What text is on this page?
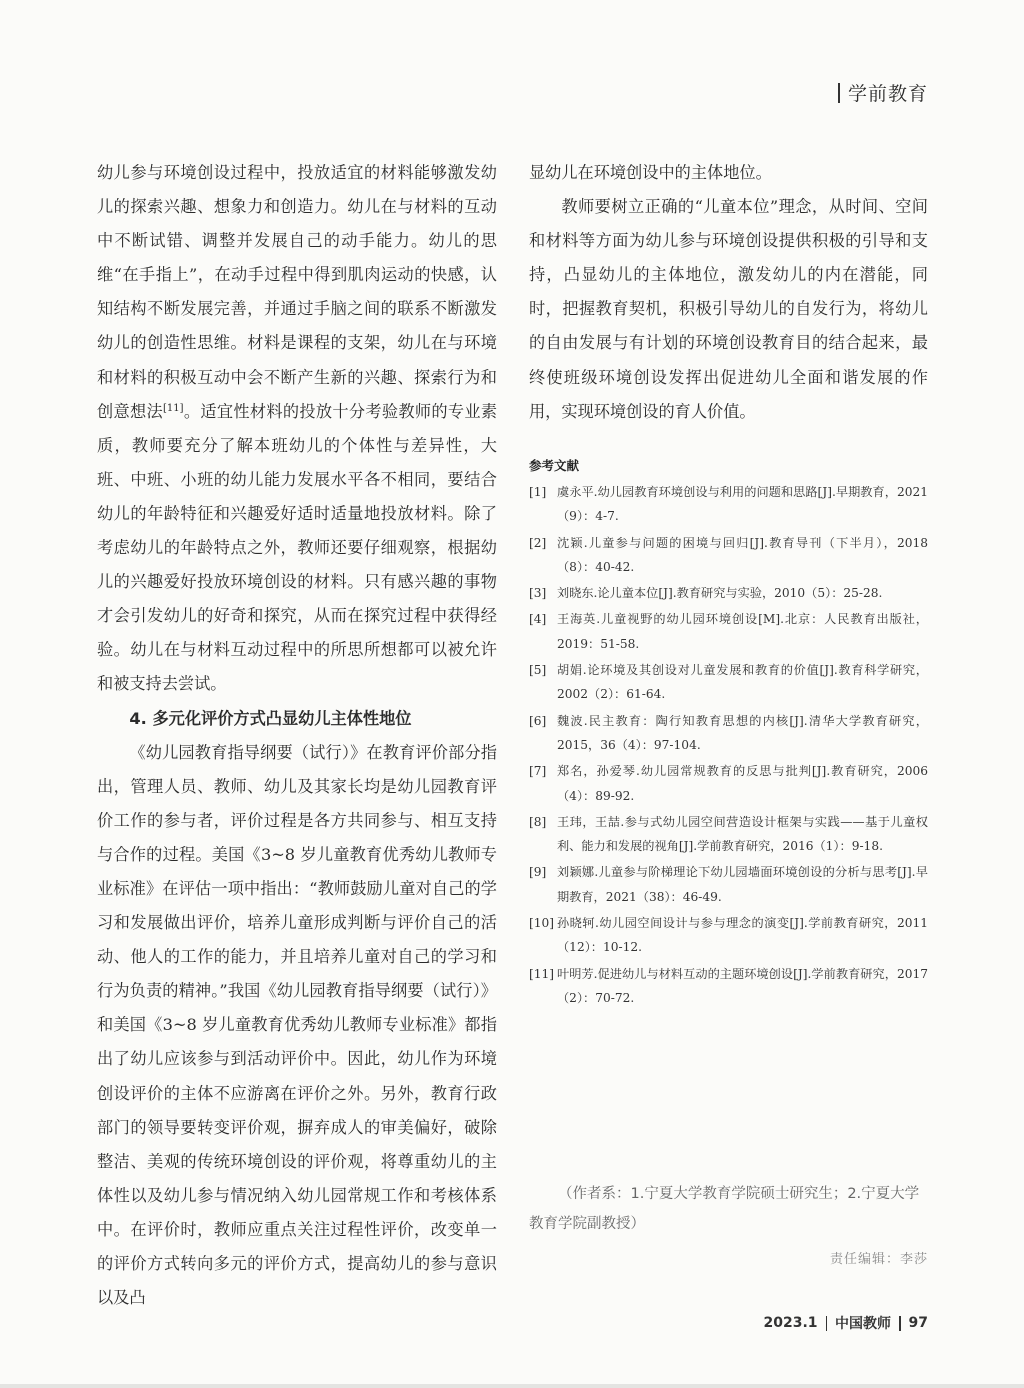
学前教育

幼儿参与环境创设过程中，投放适宜的材料能够激发幼儿的探索兴趣、想象力和创造力。幼儿在与材料的互动中不断试错、调整并发展自己的动手能力。幼儿的思维“在手指上”，在动手过程中得到肌肉运动的快感，认知结构不断发展完善，并通过手脑之间的联系不断激发幼儿的创造性思维。材料是课程的支架，幼儿在与环境和材料的积极互动中会不断产生新的兴趣、探索行为和创意想法[11]。适宜性材料的投放十分考验教师的专业素质，教师要充分了解本班幼儿的个体性与差异性，大班、中班、小班的幼儿能力发展水平各不相同，要结合幼儿的年龄特征和兴趣爱好适时适量地投放材料。除了考虑幼儿的年龄特点之外，教师还要仔细观察，根据幼儿的兴趣爱好投放环境创设的材料。只有感兴趣的事物才会引发幼儿的好奇和探究，从而在探究过程中获得经验。幼儿在与材料互动过程中的所思所想都可以被允许和被支持去尝试。

4. 多元化评价方式凸显幼儿主体性地位

《幼儿园教育指导纲要（试行）》在教育评价部分指出，管理人员、教师、幼儿及其家长均是幼儿园教育评价工作的参与者，评价过程是各方共同参与、相互支持与合作的过程。美国《3~8 岁儿童教育优秀幼儿教师专业标准》在评估一项中指出：“教师鼓励儿童对自己的学习和发展做出评价，培养儿童形成判断与评价自己的活动、他人的工作的能力，并且培养儿童对自己的学习和行为负责的精神。”我国《幼儿园教育指导纲要（试行）》和美国《3~8 岁儿童教育优秀幼儿教师专业标准》都指出了幼儿应该参与到活动评价中。因此，幼儿作为环境创设评价的主体不应游离在评价之外。另外，教育行政部门的领导要转变评价观，摒弃成人的审美偏好，破除整洁、美观的传统环境创设的评价观，将尊重幼儿的主体性以及幼儿参与情况纳入幼儿园常规工作和考核体系中。在评价时，教师应重点关注过程性评价，改变单一的评价方式转向多元的评价方式，提高幼儿的参与意识以及凸

显幼儿在环境创设中的主体地位。

教师要树立正确的“儿童本位”理念，从时间、空间和材料等方面为幼儿参与环境创设提供积极的引导和支持，凸显幼儿的主体地位，激发幼儿的内在潜能，同时，把握教育契机，积极引导幼儿的自发行为，将幼儿的自由发展与有计划的环境创设教育目的结合起来，最终使班级环境创设发挥出促进幼儿全面和谐发展的作用，实现环境创设的育人价值。

参考文献
[1] 虞永平.幼儿园教育环境创设与利用的问题和思路[J].早期教育，2021（9）：4-7.
[2] 沈颖.儿童参与问题的困境与回归[J].教育导刊（下半月），2018（8）：40-42.
[3] 刘晓东.论儿童本位[J].教育研究与实验，2010（5）：25-28.
[4] 王海英.儿童视野的幼儿园环境创设[M].北京：人民教育出版社，2019：51-58.
[5] 胡娟.论环境及其创设对儿童发展和教育的价值[J].教育科学研究，2002（2）：61-64.
[6] 魏波.民主教育：陶行知教育思想的内核[J].清华大学教育研究，2015，36（4）：97-104.
[7] 郑名，孙爱琴.幼儿园常规教育的反思与批判[J].教育研究，2006（4）：89-92.
[8] 王玮，王喆.参与式幼儿园空间营造设计框架与实践——基于儿童权利、能力和发展的视角[J].学前教育研究，2016（1）：9-18.
[9] 刘颖娜.儿童参与阶梯理论下幼儿园墙面环境创设的分析与思考[J].早期教育，2021（38）：46-49.
[10] 孙晓轲.幼儿园空间设计与参与理念的演变[J].学前教育研究，2011（12）：10-12.
[11] 叶明芳.促进幼儿与材料互动的主题环境创设[J].学前教育研究，2017（2）：70-72.
（作者系：1.宁夏大学教育学院硕士研究生；2.宁夏大学教育学院副教授）
责任编辑：李莎
2023.1 中国教师 97
